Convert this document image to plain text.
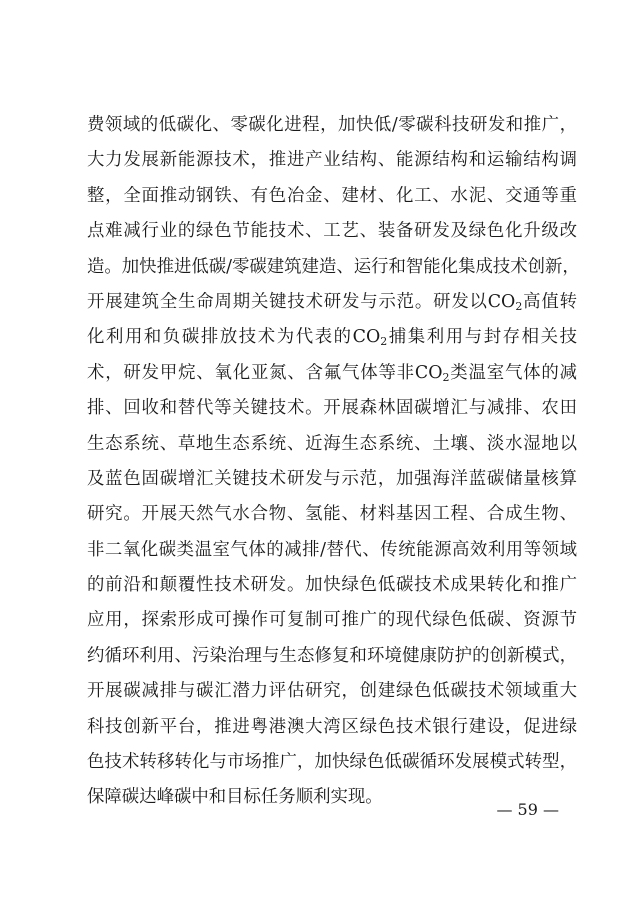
费领域的低碳化、零碳化进程，加快低/零碳科技研发和推广，
大力发展新能源技术，推进产业结构、能源结构和运输结构调
整，全面推动钢铁、有色冶金、建材、化工、水泥、交通等重
点难减行业的绿色节能技术、工艺、装备研发及绿色化升级改
造。加快推进低碳/零碳建筑建造、运行和智能化集成技术创新，
开展建筑全生命周期关键技术研发与示范。研发以$CO_2$高值转
化利用和负碳排放技术为代表的$CO_2$捕集利用与封存相关技
术，研发甲烷、氧化亚氮、含氟气体等非$CO_2$类温室气体的减
排、回收和替代等关键技术。开展森林固碳增汇与减排、农田
生态系统、草地生态系统、近海生态系统、土壤、淡水湿地以
及蓝色固碳增汇关键技术研发与示范，加强海洋蓝碳储量核算
研究。开展天然气水合物、氢能、材料基因工程、合成生物、
非二氧化碳类温室气体的减排/替代、传统能源高效利用等领域
的前沿和颠覆性技术研发。加快绿色低碳技术成果转化和推广
应用，探索形成可操作可复制可推广的现代绿色低碳、资源节
约循环利用、污染治理与生态修复和环境健康防护的创新模式，
开展碳减排与碳汇潜力评估研究，创建绿色低碳技术领域重大
科技创新平台，推进粤港澳大湾区绿色技术银行建设，促进绿
色技术转移转化与市场推广，加快绿色低碳循环发展模式转型，
保障碳达峰碳中和目标任务顺利实现。
— 59 —
